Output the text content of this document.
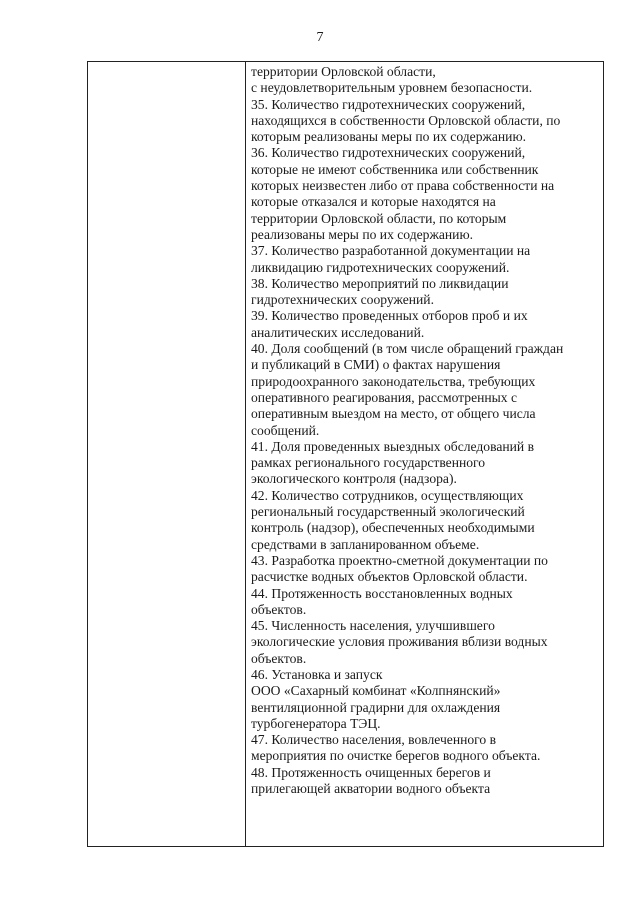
7
территории Орловской области,
с неудовлетворительным уровнем безопасности.
35. Количество гидротехнических сооружений,
находящихся в собственности Орловской области, по
которым реализованы меры по их содержанию.
36. Количество гидротехнических сооружений,
которые не имеют собственника или собственник
которых неизвестен либо от права собственности на
которые отказался и которые находятся на
территории Орловской области, по которым
реализованы меры по их содержанию.
37. Количество разработанной документации на
ликвидацию гидротехнических сооружений.
38. Количество мероприятий по ликвидации
гидротехнических сооружений.
39. Количество проведенных отборов проб и их
аналитических исследований.
40. Доля сообщений (в том числе обращений граждан
и публикаций в СМИ) о фактах нарушения
природоохранного законодательства, требующих
оперативного реагирования, рассмотренных с
оперативным выездом на место, от общего числа
сообщений.
41. Доля проведенных выездных обследований в
рамках регионального государственного
экологического контроля (надзора).
42. Количество сотрудников, осуществляющих
региональный государственный экологический
контроль (надзор), обеспеченных необходимыми
средствами в запланированном объеме.
43. Разработка проектно-сметной документации по
расчистке водных объектов Орловской области.
44. Протяженность восстановленных водных
объектов.
45. Численность населения, улучшившего
экологические условия проживания вблизи водных
объектов.
46. Установка и запуск
ООО «Сахарный комбинат «Колпнянский»
вентиляционной градирни для охлаждения
турбогенератора ТЭЦ.
47. Количество населения, вовлеченного в
мероприятия по очистке берегов водного объекта.
48. Протяженность очищенных берегов и
прилегающей акватории водного объекта
